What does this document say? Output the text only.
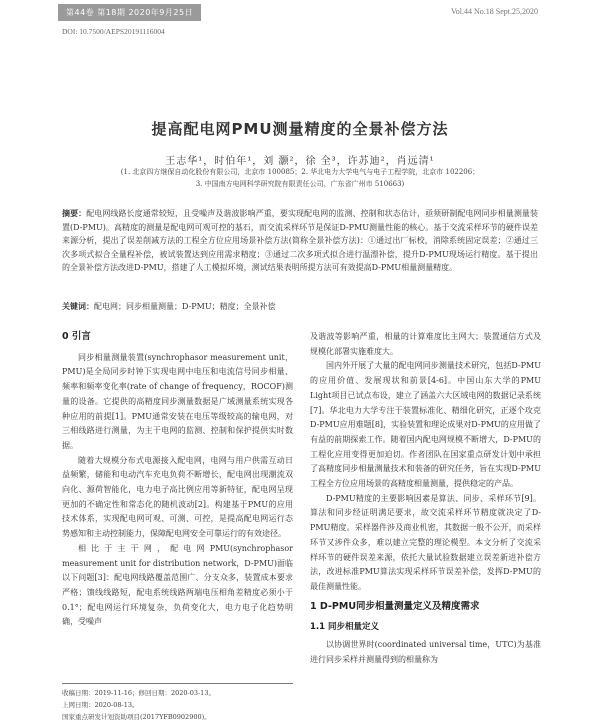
第44卷 第18期 2020年9月25日	Vol.44 No.18 Sept.25,2020
DOI: 10.7500/AEPS20191116004
提高配电网PMU测量精度的全景补偿方法
王志华¹，时伯年¹，刘 灏²，徐 全³，许苏迪²，肖远清¹
(1. 北京四方继保自动化股份有限公司，北京市 100085；2. 华北电力大学电气与电子工程学院，北京市 102206；
3. 中国南方电网科学研究院有限责任公司，广东省广州市 510663)
摘要：配电网线路长度通常较短，且受噪声及谐波影响严重，要实现配电网的监测、控制和状态估计，亟须研制配电网同步相量测量装置(D-PMU)。高精度的测量是配电网可观可控的基石，而交流采样环节是保证D-PMU测量性能的核心。基于交流采样环节的硬件误差来源分析，提出了误差削减方法的工程全方位应用场景补偿方法(简称全景补偿方法)：①通过出厂标校，消除系统固定误差；②通过三次多项式拟合全量程补偿，被试装置达到应用需求精度；③通过二次多项式拟合进行温漂补偿，提升D-PMU现场运行精度。基于提出的全景补偿方法改进D-PMU，搭建了人工模拟环境，测试结果表明所提方法可有效提高D-PMU相量测量精度。
关键词：配电网；同步相量测量；D-PMU；精度；全景补偿
0 引言

同步相量测量装置(synchrophasor measurement unit，PMU)是全局同步时钟下实现电网中电压和电流信号同步相量、频率和频率变化率(rate of change of frequency，ROCOF)测量的设备。它提供的高精度同步测量数据是广域测量系统实现各种应用的前提[1]。PMU通常安装在电压等级较高的输电网，对三相线路进行测量，为主干电网的监测、控制和保护提供实时数据。

随着大规模分布式电源接入配电网，电网与用户供需互动日益频繁，储能和电动汽车充电负荷不断增长，配电网出现潮流双向化、源荷智能化，电力电子高比例应用等新特征，配电网呈现更加的不确定性和常态化的随机波动[2]。构建基于PMU的应用技术体系，实现配电网可观、可测、可控，是提高配电网运行态势感知和主动控制能力，保障配电网安全可靠运行的有效途径。

相比于主干网，配电网PMU(synchrophasor measurement unit for distribution network，D-PMU)面临以下问题[3]：配电网线路覆盖范围广、分支众多，装置成本要求严格；馈线线路短，配电系统线路两端电压相角差精度必须小于0.1°；配电网运行环境复杂，负荷变化大，电力电子化趋势明确，受噪声

及谐波等影响严重，相量的计算难度比主网大；装置通信方式及规模化部署实施难度大。

国内外开展了大量的配电网同步测量技术研究，包括D-PMU的应用价值、发展现状和前景[4-6]。中国山东大学的PMU Light项目已试点布设，建立了涵盖六大区域电网的数据记录系统[7]。华北电力大学专注于装置标准化、精细化研究，正逐个攻克D-PMU应用难题[8]，实验装置和理论成果对D-PMU的应用做了有益的前期探索工作。随着国内配电网规模不断增大，D-PMU的工程化应用变得更加迫切。作者团队在国家重点研发计划中承担了高精度同步相量测量技术和装备的研究任务，旨在实现D-PMU工程全方位应用场景的高精度相量测量，提供稳定的产品。

D-PMU精度的主要影响因素是算法、同步、采样环节[9]。算法和同步经证明满足要求，故交流采样环节精度就决定了D-PMU精度。采样器件涉及商业机密，其数据一般不公开，而采样环节又涉件众多，难以建立完整的理论模型。本文分析了交流采样环节的硬件误差来源，依托大量试验数据建立误差新进补偿方法，改进标准PMU算法实现采样环节误差补偿，发挥D-PMU的最佳测量性能。

1 D-PMU同步相量测量定义及精度需求
1.1 同步相量定义

以协调世界时(coordinated universal time，UTC)为基准进行同步采样并测量得到的相量称为

收稿日期：2019-11-16；修回日期：2020-03-13。
上网日期：2020-08-13。
国家重点研发计划资助项目(2017YFB0902900)。
